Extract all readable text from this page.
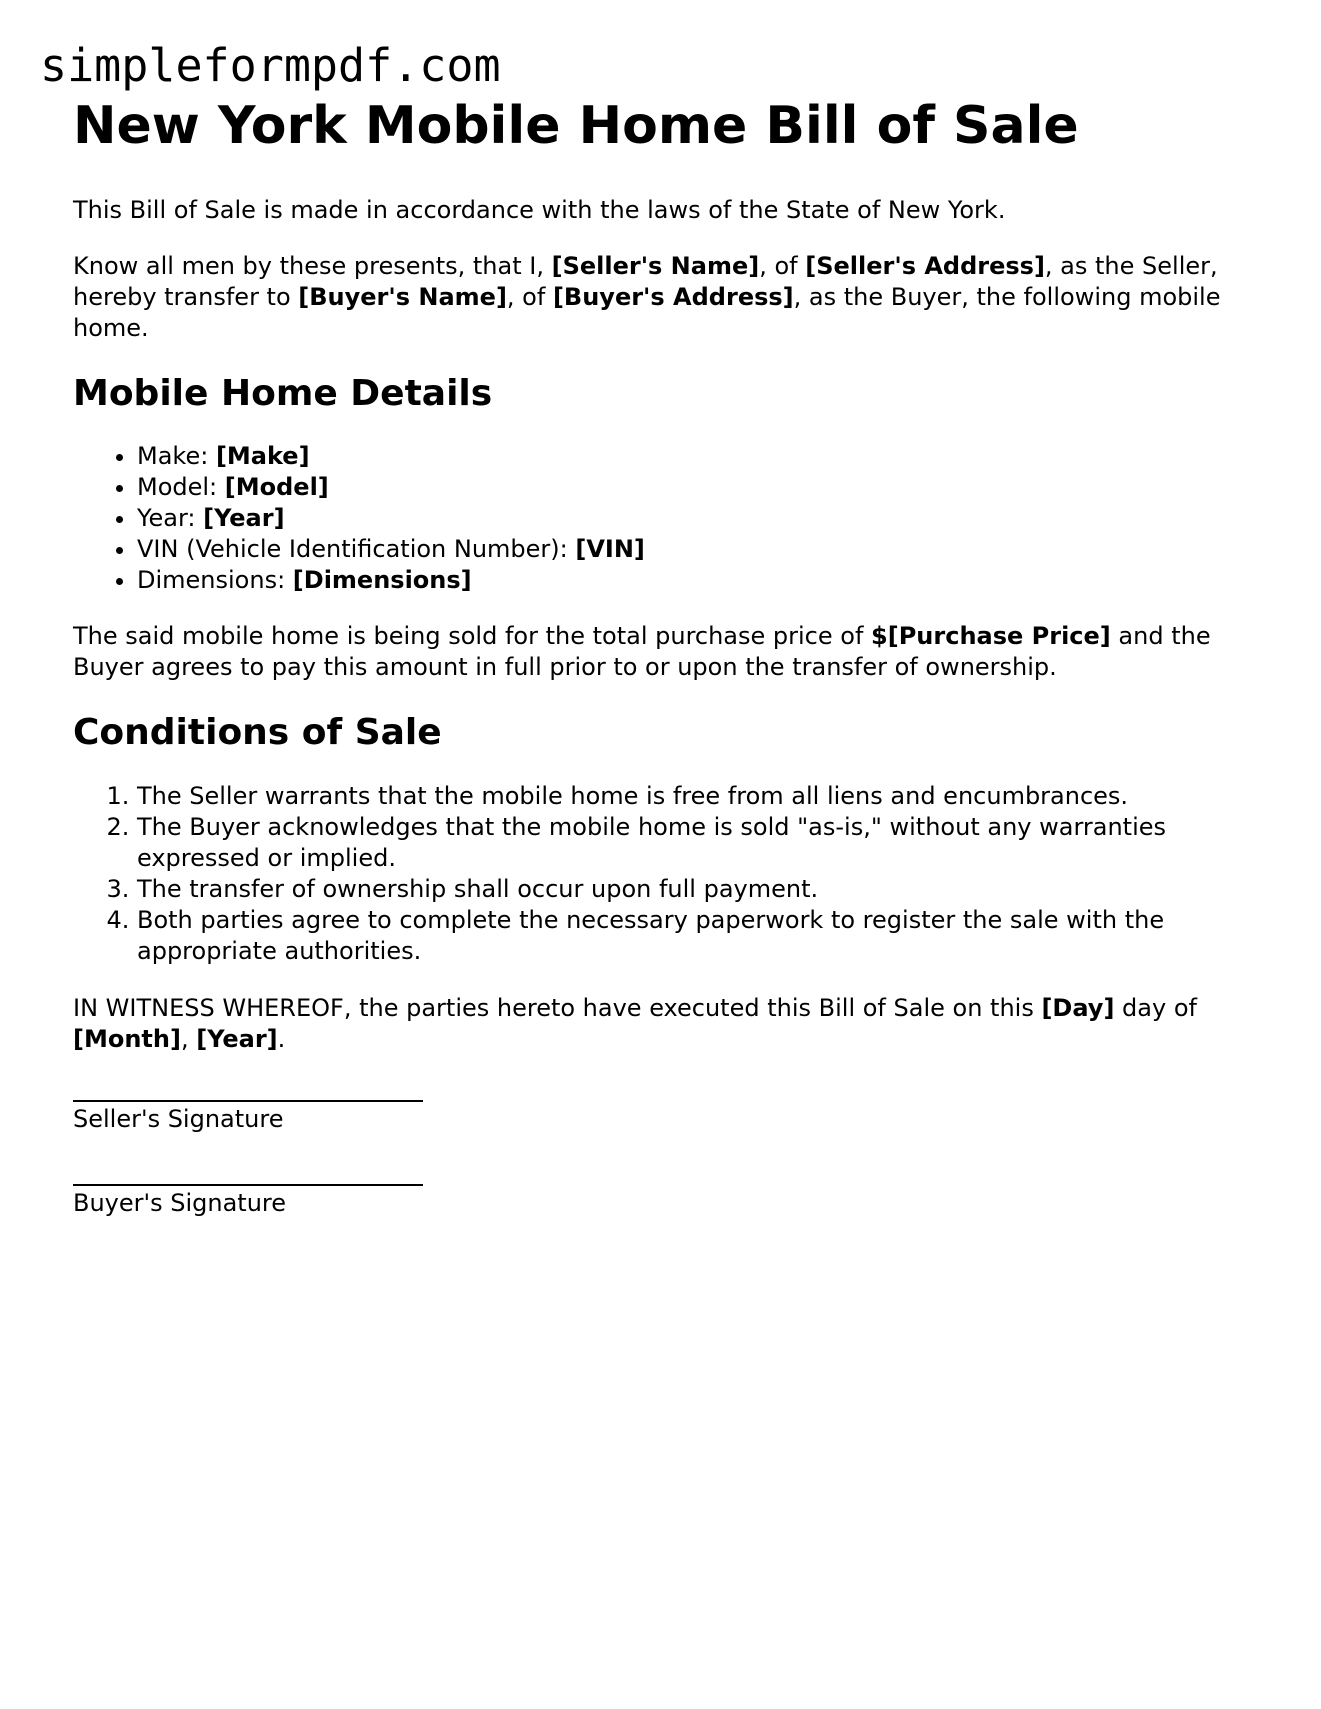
simpleformpdf.com
New York Mobile Home Bill of Sale

This Bill of Sale is made in accordance with the laws of the State of New York.

Know all men by these presents, that I, [Seller's Name], of [Seller's Address], as the Seller, hereby transfer to [Buyer's Name], of [Buyer's Address], as the Buyer, the following mobile home.

Mobile Home Details
• Make: [Make]
• Model: [Model]
• Year: [Year]
• VIN (Vehicle Identification Number): [VIN]
• Dimensions: [Dimensions]

The said mobile home is being sold for the total purchase price of $[Purchase Price] and the Buyer agrees to pay this amount in full prior to or upon the transfer of ownership.

Conditions of Sale
1. The Seller warrants that the mobile home is free from all liens and encumbrances.
2. The Buyer acknowledges that the mobile home is sold "as-is," without any warranties expressed or implied.
3. The transfer of ownership shall occur upon full payment.
4. Both parties agree to complete the necessary paperwork to register the sale with the appropriate authorities.

IN WITNESS WHEREOF, the parties hereto have executed this Bill of Sale on this [Day] day of [Month], [Year].

Seller's Signature
Buyer's Signature
